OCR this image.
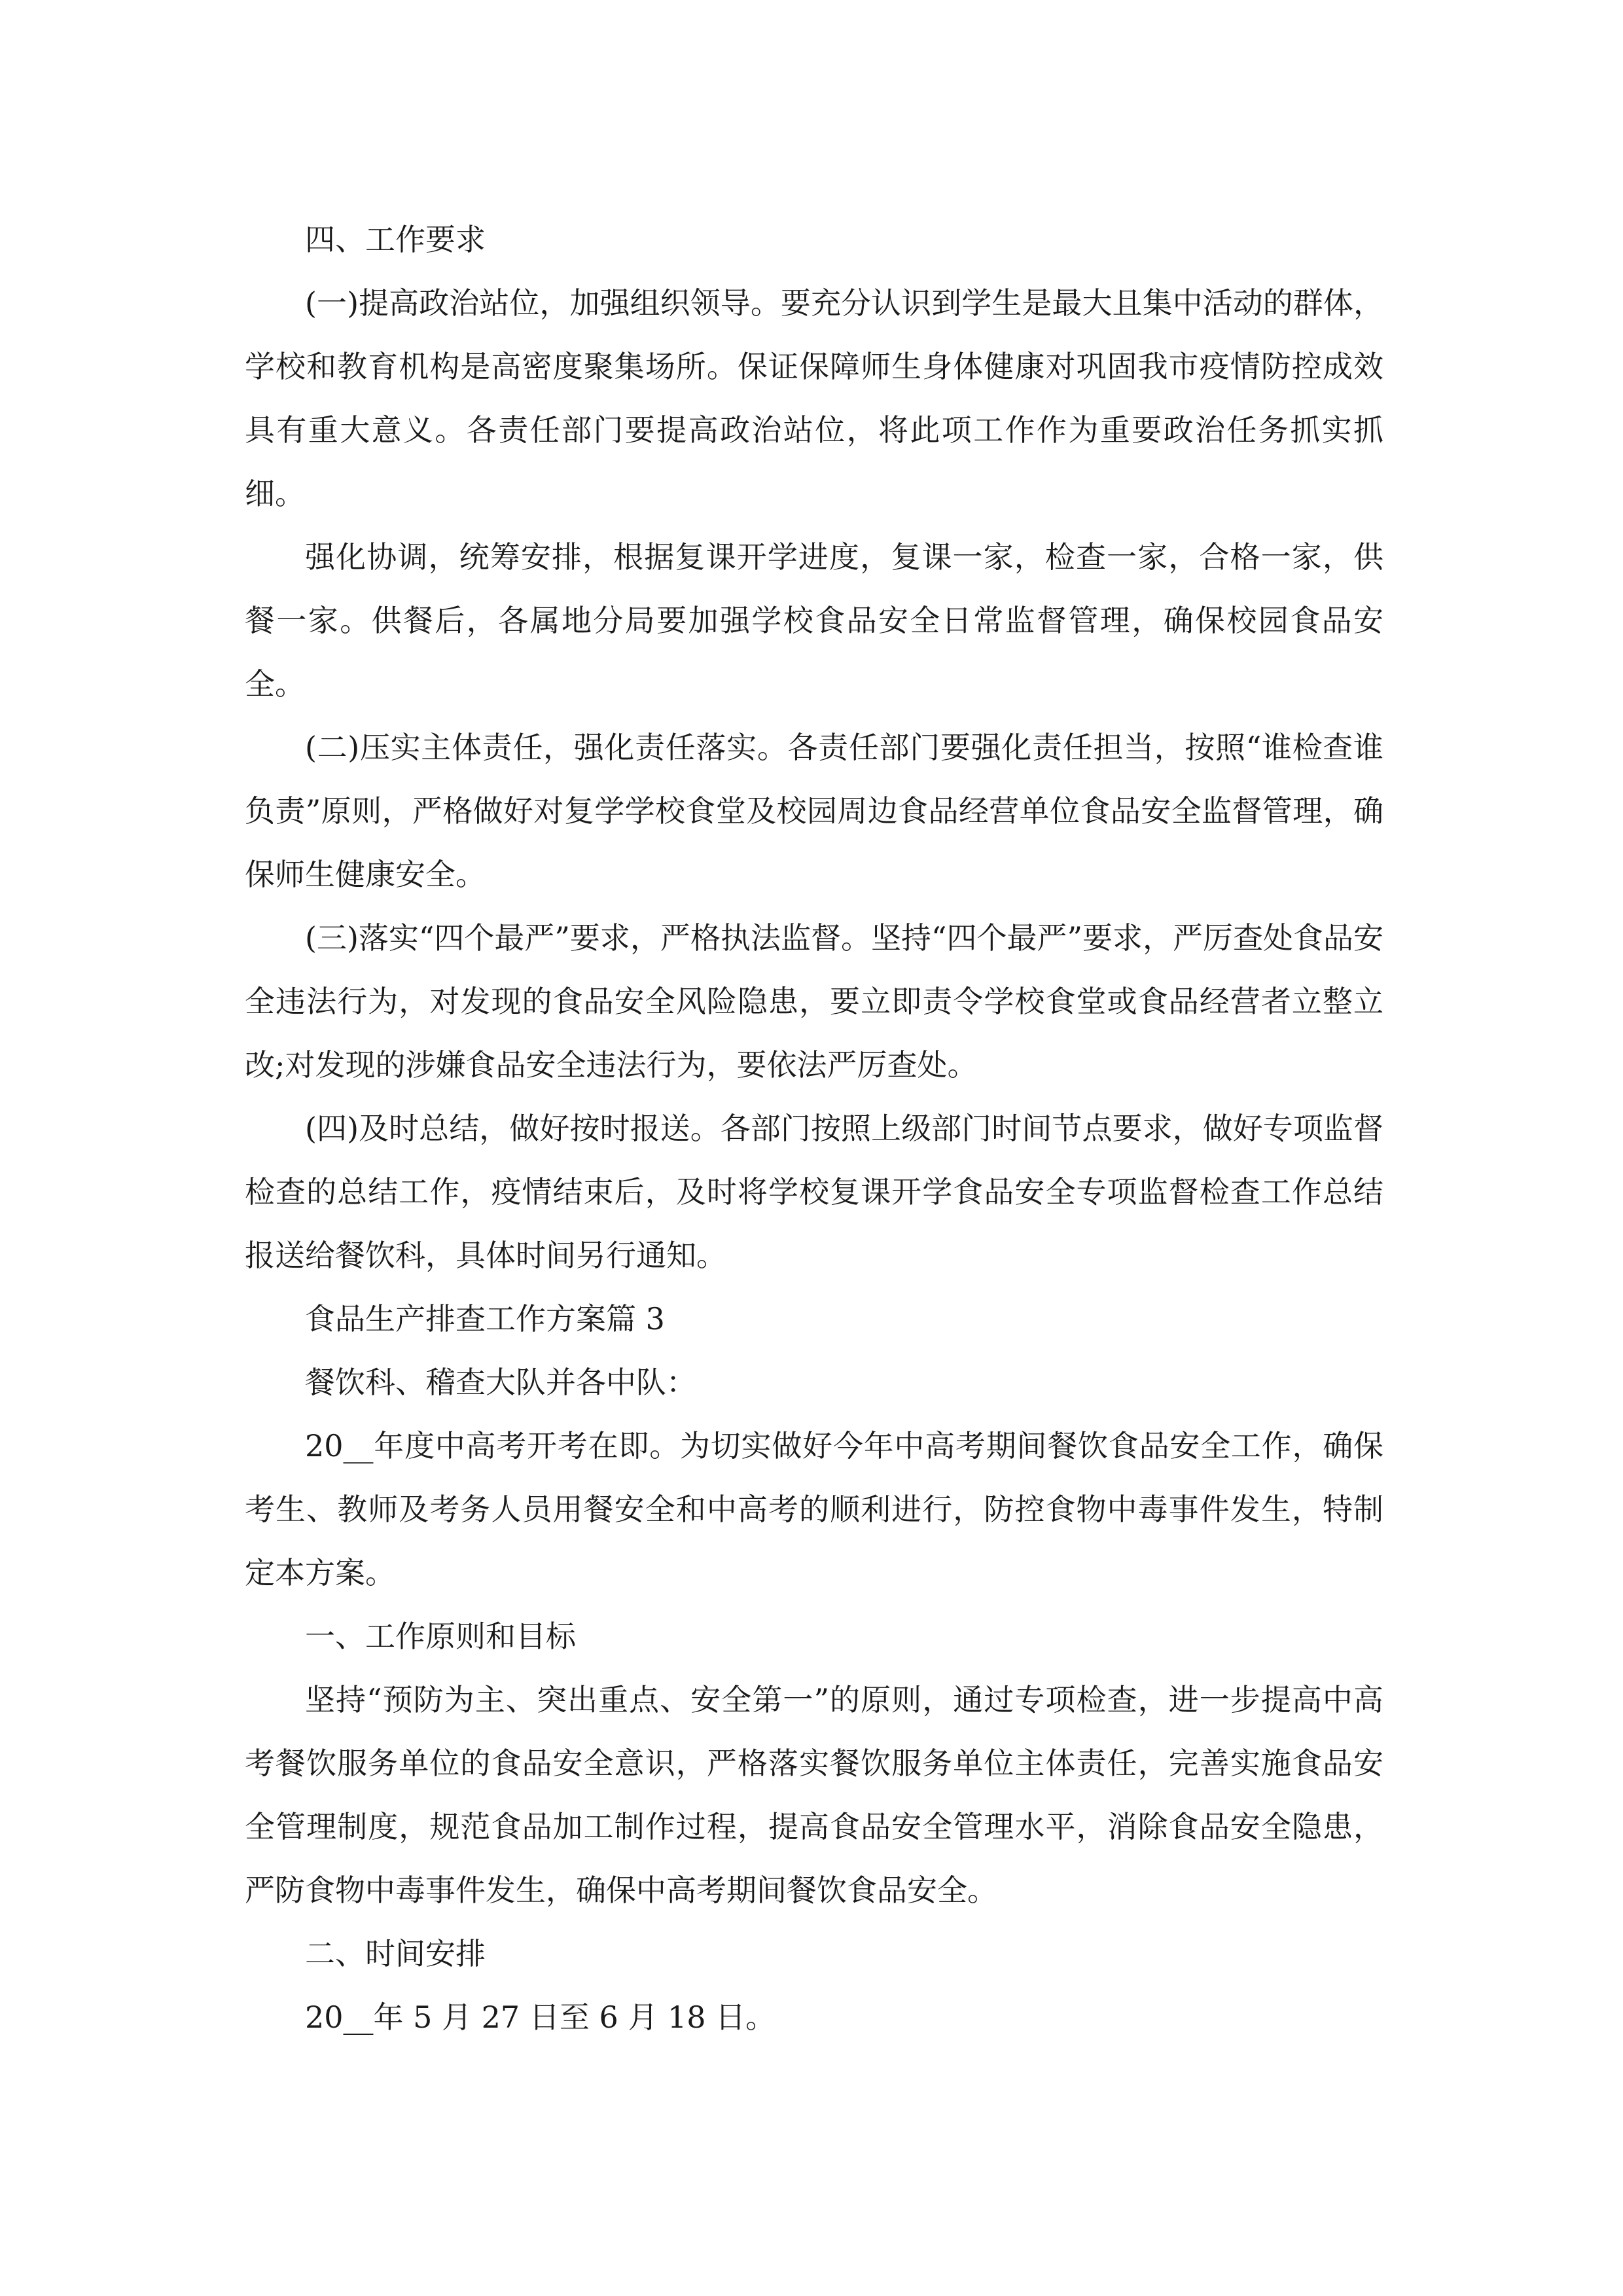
四、工作要求

(一)提高政治站位，加强组织领导。要充分认识到学生是最大且集中活动的群体，学校和教育机构是高密度聚集场所。保证保障师生身体健康对巩固我市疫情防控成效具有重大意义。各责任部门要提高政治站位，将此项工作作为重要政治任务抓实抓细。

强化协调，统筹安排，根据复课开学进度，复课一家，检查一家，合格一家，供餐一家。供餐后，各属地分局要加强学校食品安全日常监督管理，确保校园食品安全。

(二)压实主体责任，强化责任落实。各责任部门要强化责任担当，按照“谁检查谁负责”原则，严格做好对复学学校食堂及校园周边食品经营单位食品安全监督管理，确保师生健康安全。

(三)落实“四个最严”要求，严格执法监督。坚持“四个最严”要求，严厉查处食品安全违法行为，对发现的食品安全风险隐患，要立即责令学校食堂或食品经营者立整立改;对发现的涉嫌食品安全违法行为，要依法严厉查处。

(四)及时总结，做好按时报送。各部门按照上级部门时间节点要求，做好专项监督检查的总结工作，疫情结束后，及时将学校复课开学食品安全专项监督检查工作总结报送给餐饮科，具体时间另行通知。

食品生产排查工作方案篇 3

餐饮科、稽查大队并各中队：

20__年度中高考开考在即。为切实做好今年中高考期间餐饮食品安全工作，确保考生、教师及考务人员用餐安全和中高考的顺利进行，防控食物中毒事件发生，特制定本方案。

一、工作原则和目标

坚持“预防为主、突出重点、安全第一”的原则，通过专项检查，进一步提高中高考餐饮服务单位的食品安全意识，严格落实餐饮服务单位主体责任，完善实施食品安全管理制度，规范食品加工制作过程，提高食品安全管理水平，消除食品安全隐患，严防食物中毒事件发生，确保中高考期间餐饮食品安全。

二、时间安排

20__年 5 月 27 日至 6 月 18 日。
